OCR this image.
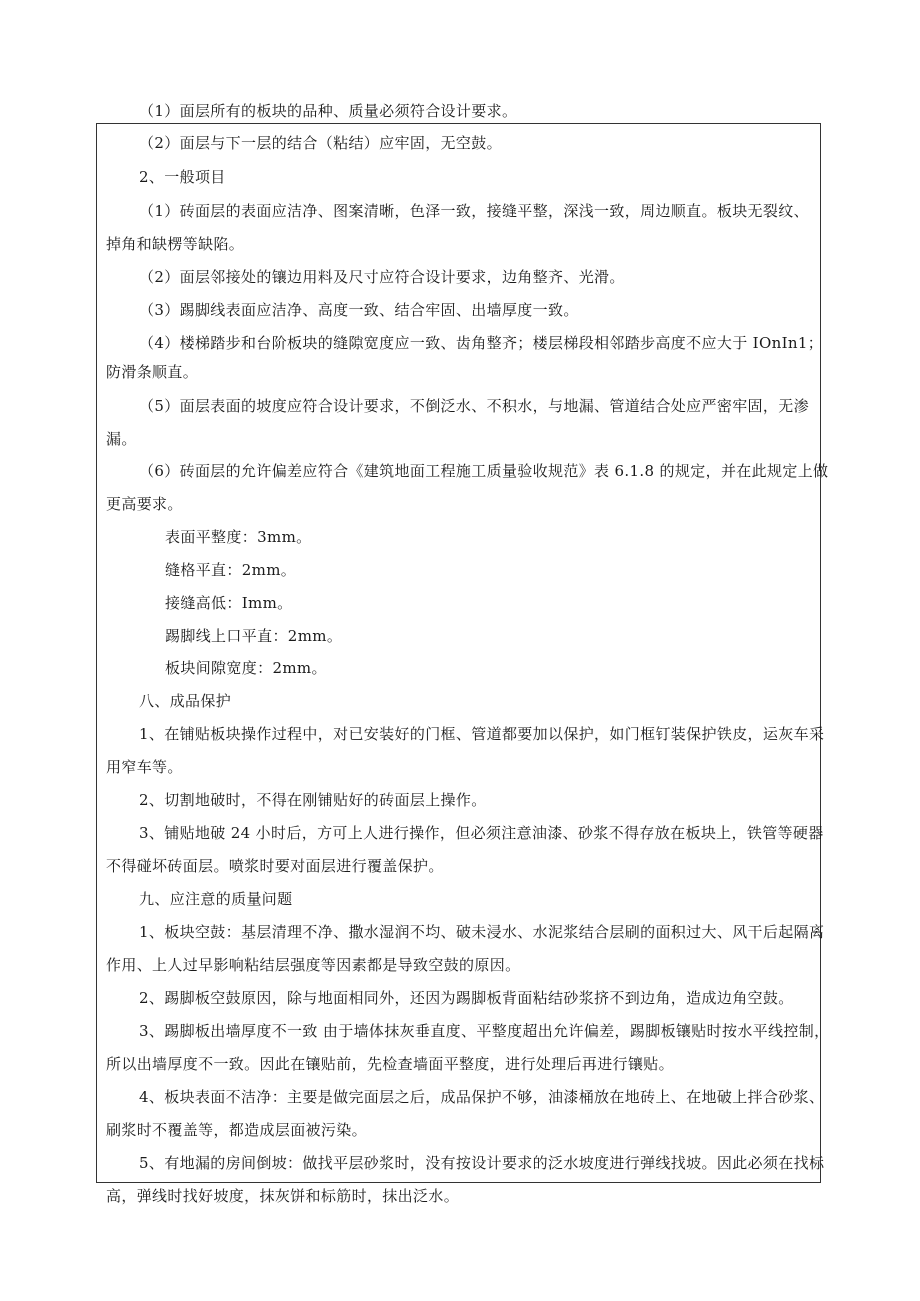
（1）面层所有的板块的品种、质量必须符合设计要求。
（2）面层与下一层的结合（粘结）应牢固，无空鼓。
2、一般项目
（1）砖面层的表面应洁净、图案清晰，色泽一致，接缝平整，深浅一致，周边顺直。板块无裂纹、
掉角和缺楞等缺陷。
（2）面层邻接处的镶边用料及尺寸应符合设计要求，边角整齐、光滑。
（3）踢脚线表面应洁净、高度一致、结合牢固、出墙厚度一致。
（4）楼梯踏步和台阶板块的缝隙宽度应一致、齿角整齐；楼层梯段相邻踏步高度不应大于 IOnIn1；
防滑条顺直。
（5）面层表面的坡度应符合设计要求，不倒泛水、不积水，与地漏、管道结合处应严密牢固，无渗
漏。
（6）砖面层的允许偏差应符合《建筑地面工程施工质量验收规范》表 6.1.8 的规定，并在此规定上做
更高要求。
表面平整度：3mm。
缝格平直：2mm。
接缝高低：Imm。
踢脚线上口平直：2mm。
板块间隙宽度：2mm。
八、成品保护
1、在铺贴板块操作过程中，对已安装好的门框、管道都要加以保护，如门框钉装保护铁皮，运灰车采
用窄车等。
2、切割地破时，不得在刚铺贴好的砖面层上操作。
3、铺贴地破 24 小时后，方可上人进行操作，但必须注意油漆、砂浆不得存放在板块上，铁管等硬器
不得碰坏砖面层。喷浆时要对面层进行覆盖保护。
九、应注意的质量问题
1、板块空鼓：基层清理不净、撒水湿润不均、破未浸水、水泥浆结合层刷的面积过大、风干后起隔离
作用、上人过早影响粘结层强度等因素都是导致空鼓的原因。
2、踢脚板空鼓原因，除与地面相同外，还因为踢脚板背面粘结砂浆挤不到边角，造成边角空鼓。
3、踢脚板出墙厚度不一致 由于墙体抹灰垂直度、平整度超出允许偏差，踢脚板镶贴时按水平线控制，
所以出墙厚度不一致。因此在镶贴前，先检查墙面平整度，进行处理后再进行镶贴。
4、板块表面不洁净：主要是做完面层之后，成品保护不够，油漆桶放在地砖上、在地破上拌合砂浆、
刷浆时不覆盖等，都造成层面被污染。
5、有地漏的房间倒坡：做找平层砂浆时，没有按设计要求的泛水坡度进行弹线找坡。因此必须在找标
高，弹线时找好坡度，抹灰饼和标筋时，抹出泛水。
